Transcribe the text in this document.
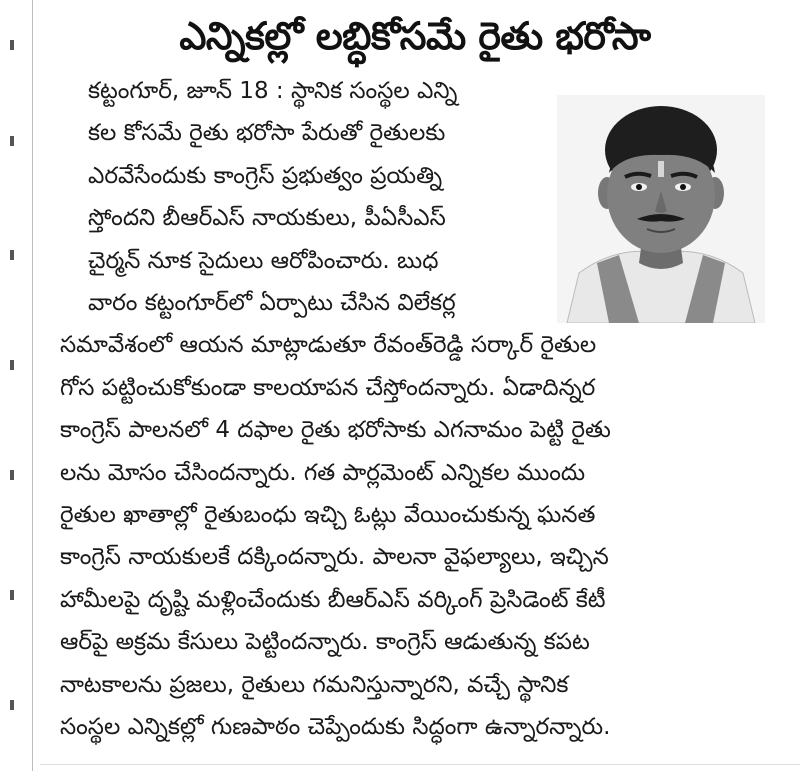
ఎన్నికల్లో లబ్ధికోసమే రైతు భరోసా
కట్టంగూర్, జూన్ 18 : స్థానిక సంస్థల ఎన్ని
కల కోసమే రైతు భరోసా పేరుతో రైతులకు
ఎరవేసేందుకు కాంగ్రెస్ ప్రభుత్వం ప్రయత్ని
స్తోందని బీఆర్ఎస్ నాయకులు, పీఏసీఎస్
చైర్మన్ నూక సైదులు ఆరోపించారు. బుధ
వారం కట్టంగూర్‌లో ఏర్పాటు చేసిన విలేకర్ల
సమావేశంలో ఆయన మాట్లాడుతూ రేవంత్‌రెడ్డి సర్కార్ రైతుల
గోస పట్టించుకోకుండా కాలయాపన చేస్తోందన్నారు. ఏడాదిన్నర
కాంగ్రెస్ పాలనలో 4 దఫాల రైతు భరోసాకు ఎగనామం పెట్టి రైతు
లను మోసం చేసిందన్నారు. గత పార్లమెంట్ ఎన్నికల ముందు
రైతుల ఖాతాల్లో రైతుబంధు ఇచ్చి ఓట్లు వేయించుకున్న ఘనత
కాంగ్రెస్ నాయకులకే దక్కిందన్నారు. పాలనా వైఫల్యాలు, ఇచ్చిన
హామీలపై దృష్టి మళ్లించేందుకు బీఆర్ఎస్ వర్కింగ్ ప్రెసిడెంట్ కేటీ
ఆర్‌పై అక్రమ కేసులు పెట్టిందన్నారు. కాంగ్రెస్ ఆడుతున్న కపట
నాటకాలను ప్రజలు, రైతులు గమనిస్తున్నారని, వచ్చే స్థానిక
సంస్థల ఎన్నికల్లో గుణపాఠం చెప్పేందుకు సిద్ధంగా ఉన్నారన్నారు.
